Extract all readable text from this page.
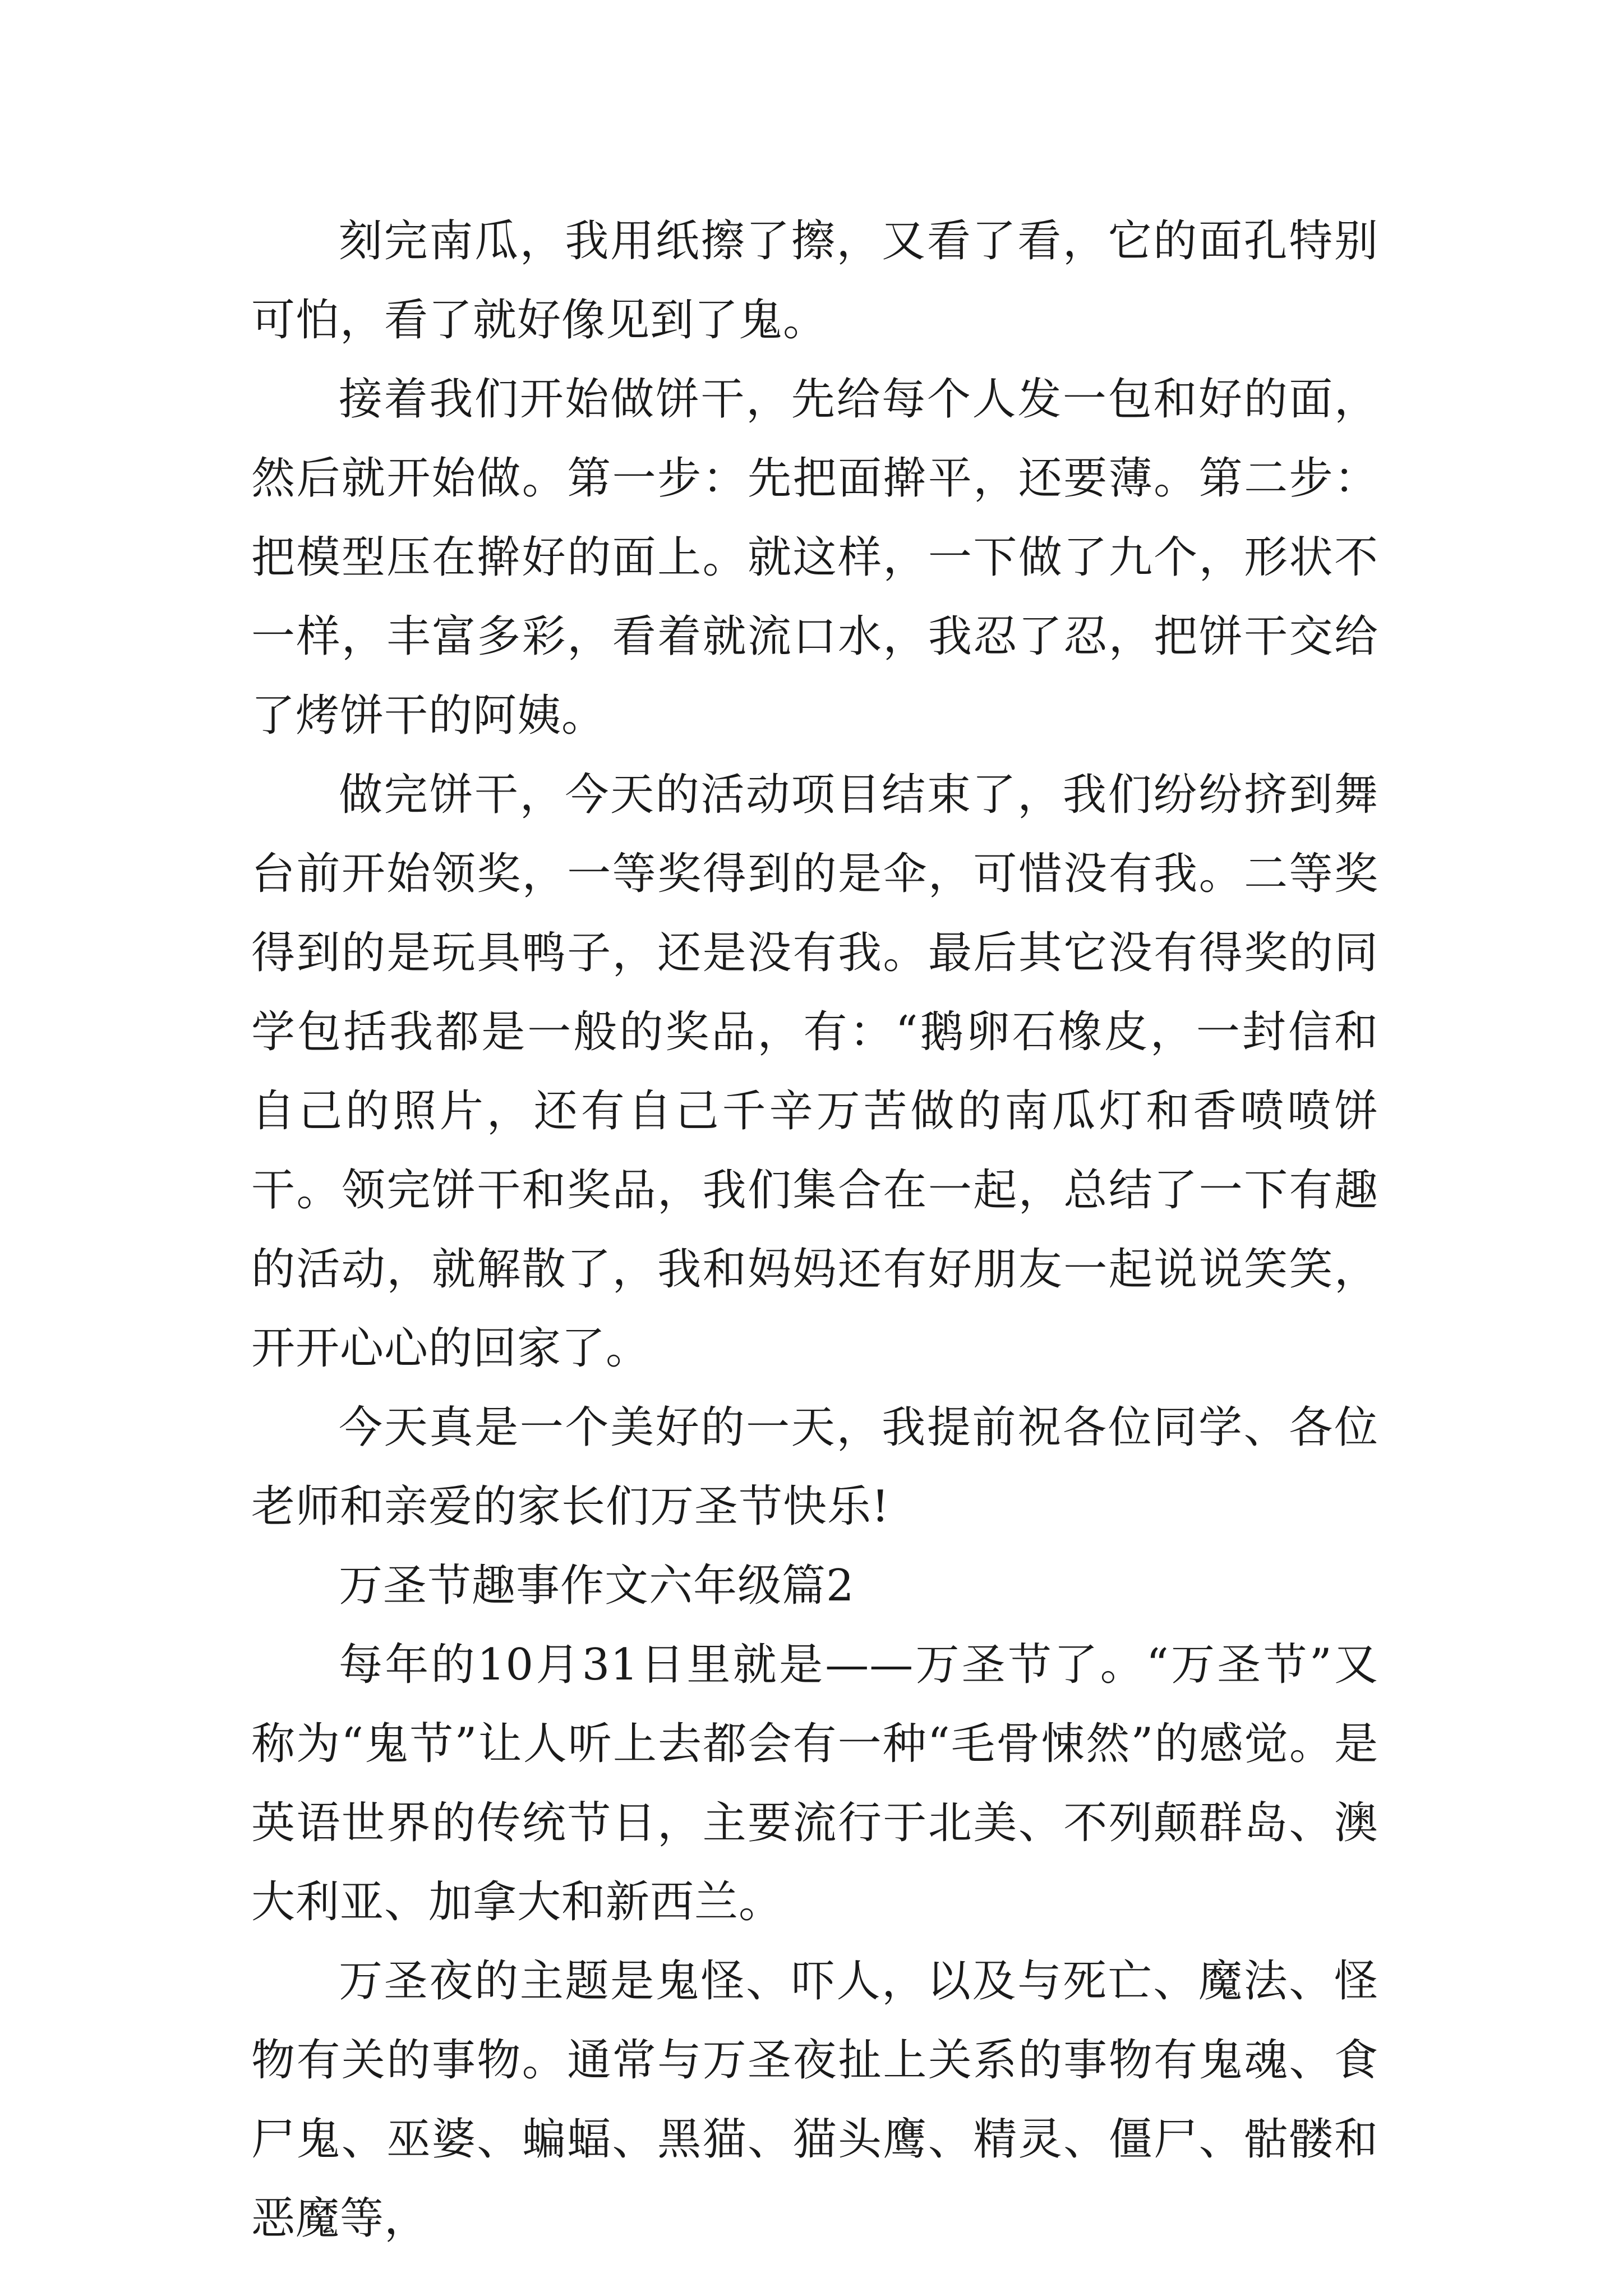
刻完南瓜，我用纸擦了擦，又看了看，它的面孔特别可怕，看了就好像见到了鬼。

接着我们开始做饼干，先给每个人发一包和好的面，然后就开始做。第一步：先把面擀平，还要薄。第二步：把模型压在擀好的面上。就这样，一下做了九个，形状不一样，丰富多彩，看着就流口水，我忍了忍，把饼干交给了烤饼干的阿姨。

做完饼干，今天的活动项目结束了，我们纷纷挤到舞台前开始领奖，一等奖得到的是伞，可惜没有我。二等奖得到的是玩具鸭子，还是没有我。最后其它没有得奖的同学包括我都是一般的奖品，有：“鹅卵石橡皮，一封信和自己的照片，还有自己千辛万苦做的南瓜灯和香喷喷饼干。领完饼干和奖品，我们集合在一起，总结了一下有趣的活动，就解散了，我和妈妈还有好朋友一起说说笑笑，开开心心的回家了。

今天真是一个美好的一天，我提前祝各位同学、各位老师和亲爱的家长们万圣节快乐!

万圣节趣事作文六年级篇2

每年的10月31日里就是——万圣节了。“万圣节”又称为“鬼节”让人听上去都会有一种“毛骨悚然”的感觉。是英语世界的传统节日，主要流行于北美、不列颠群岛、澳大利亚、加拿大和新西兰。

万圣夜的主题是鬼怪、吓人，以及与死亡、魔法、怪物有关的事物。通常与万圣夜扯上关系的事物有鬼魂、食尸鬼、巫婆、蝙蝠、黑猫、猫头鹰、精灵、僵尸、骷髅和恶魔等，
